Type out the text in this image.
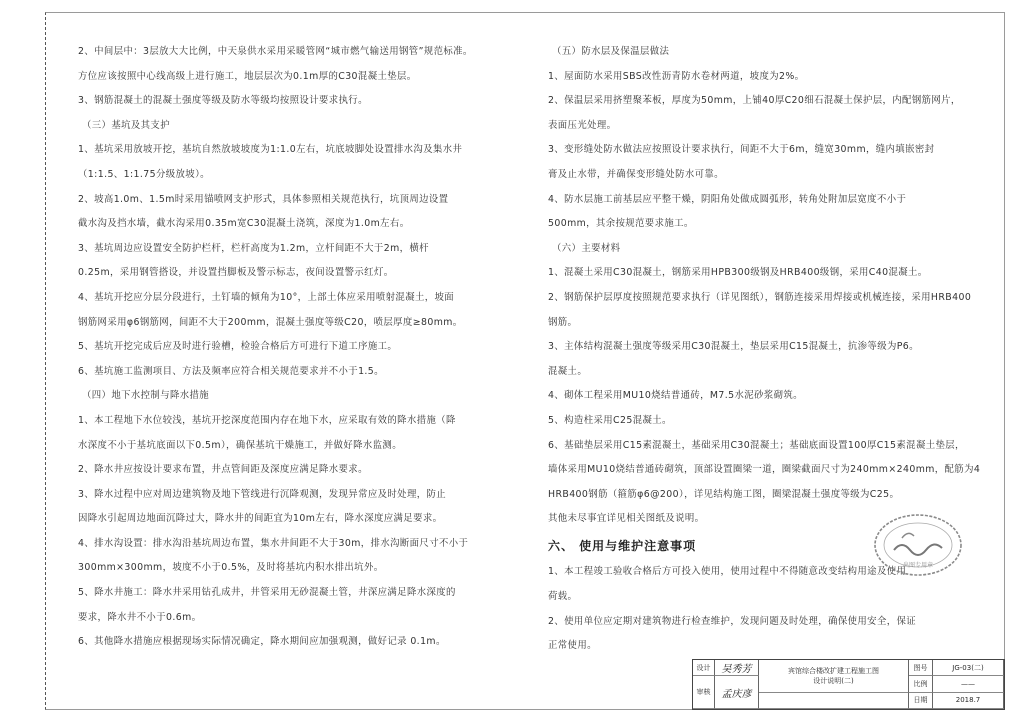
2、中间层中：3层放大大比例，中天泉供水采用采暖管网“城市燃气输送用钢管”规范标准。
方位应该按照中心线高级上进行施工，地层层次为0.1m厚的C30混凝土垫层。
3、钢筋混凝土的混凝土强度等级及防水等级均按照设计要求执行。
（三）基坑及其支护
1、基坑采用放坡开挖，基坑自然放坡坡度为1:1.0左右，坑底坡脚处设置排水沟及集水井
（1:1.5、1:1.75分级放坡）。
2、坡高1.0m、1.5m时采用锚喷网支护形式，具体参照相关规范执行，坑顶周边设置
截水沟及挡水墙，截水沟采用0.35m宽C30混凝土浇筑，深度为1.0m左右。
3、基坑周边应设置安全防护栏杆，栏杆高度为1.2m，立杆间距不大于2m，横杆
0.25m，采用钢管搭设，并设置挡脚板及警示标志，夜间设置警示红灯。
4、基坑开挖应分层分段进行，土钉墙的倾角为10°，上部土体应采用喷射混凝土，坡面
钢筋网采用φ6钢筋网，间距不大于200mm，混凝土强度等级C20，喷层厚度≥80mm。
5、基坑开挖完成后应及时进行验槽，检验合格后方可进行下道工序施工。
6、基坑施工监测项目、方法及频率应符合相关规范要求并不小于1.5。
（四）地下水控制与降水措施
1、本工程地下水位较浅，基坑开挖深度范围内存在地下水，应采取有效的降水措施（降
水深度不小于基坑底面以下0.5m），确保基坑干燥施工，并做好降水监测。
2、降水井应按设计要求布置，井点管间距及深度应满足降水要求。
3、降水过程中应对周边建筑物及地下管线进行沉降观测，发现异常应及时处理，防止
因降水引起周边地面沉降过大，降水井的间距宜为10m左右，降水深度应满足要求。
4、排水沟设置：排水沟沿基坑周边布置，集水井间距不大于30m，排水沟断面尺寸不小于
300mm×300mm，坡度不小于0.5%，及时将基坑内积水排出坑外。
5、降水井施工：降水井采用钻孔成井，井管采用无砂混凝土管，井深应满足降水深度的
要求，降水井不小于0.6m。
6、其他降水措施应根据现场实际情况确定，降水期间应加强观测，做好记录 0.1m。
（五）防水层及保温层做法
1、屋面防水采用SBS改性沥青防水卷材两道，坡度为2%。
2、保温层采用挤塑聚苯板，厚度为50mm，上铺40厚C20细石混凝土保护层，内配钢筋网片，
表面压光处理。
3、变形缝处防水做法应按照设计要求执行，间距不大于6m，缝宽30mm，缝内填嵌密封
膏及止水带，并确保变形缝处防水可靠。
4、防水层施工前基层应平整干燥，阴阳角处做成圆弧形，转角处附加层宽度不小于
500mm，其余按规范要求施工。
（六）主要材料
1、混凝土采用C30混凝土，钢筋采用HPB300级钢及HRB400级钢，采用C40混凝土。
2、钢筋保护层厚度按照规范要求执行（详见图纸），钢筋连接采用焊接或机械连接，采用HRB400
钢筋。
3、主体结构混凝土强度等级采用C30混凝土，垫层采用C15混凝土，抗渗等级为P6。
混凝土。
4、砌体工程采用MU10烧结普通砖，M7.5水泥砂浆砌筑。
5、构造柱采用C25混凝土。
6、基础垫层采用C15素混凝土，基础采用C30混凝土；基础底面设置100厚C15素混凝土垫层，
墙体采用MU10烧结普通砖砌筑，顶部设置圈梁一道，圈梁截面尺寸为240mm×240mm，配筋为4
HRB400钢筋（箍筋φ6@200），详见结构施工图，圈梁混凝土强度等级为C25。
其他未尽事宜详见相关图纸及说明。
六、 使用与维护注意事项
1、本工程竣工验收合格后方可投入使用，使用过程中不得随意改变结构用途及使用
荷载。
2、使用单位应定期对建筑物进行检查维护，发现问题及时处理，确保使用安全，保证
正常使用。
出图专用章
设计	吴秀芳
审核	孟庆彦
宾馆综合楼改扩建工程施工图
设计说明(二)
图号	JG-03(二)
比例	——
日期	2018.7
